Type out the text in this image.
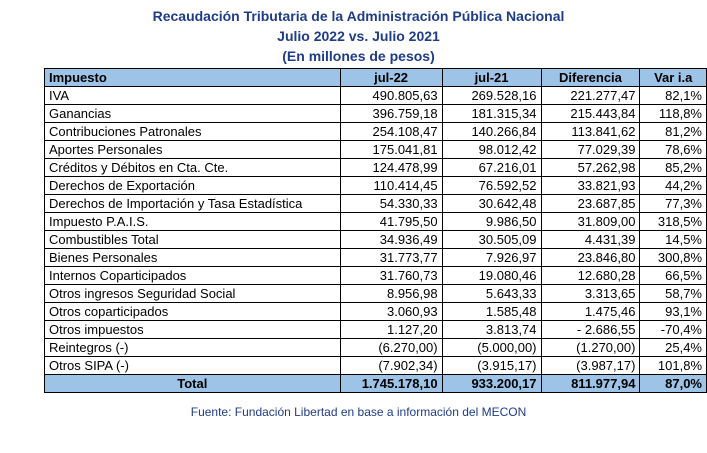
Recaudación Tributaria de la Administración Pública Nacional
Julio 2022 vs. Julio 2021
(En millones de pesos)
Impuesto	jul-22	jul-21	Diferencia	Var i.a
IVA	490.805,63	269.528,16	221.277,47	82,1%
Ganancias	396.759,18	181.315,34	215.443,84	118,8%
Contribuciones Patronales	254.108,47	140.266,84	113.841,62	81,2%
Aportes Personales	175.041,81	98.012,42	77.029,39	78,6%
Créditos y Débitos en Cta. Cte.	124.478,99	67.216,01	57.262,98	85,2%
Derechos de Exportación	110.414,45	76.592,52	33.821,93	44,2%
Derechos de Importación y Tasa Estadística	54.330,33	30.642,48	23.687,85	77,3%
Impuesto P.A.I.S.	41.795,50	9.986,50	31.809,00	318,5%
Combustibles Total	34.936,49	30.505,09	4.431,39	14,5%
Bienes Personales	31.773,77	7.926,97	23.846,80	300,8%
Internos Coparticipados	31.760,73	19.080,46	12.680,28	66,5%
Otros ingresos Seguridad Social	8.956,98	5.643,33	3.313,65	58,7%
Otros coparticipados	3.060,93	1.585,48	1.475,46	93,1%
Otros impuestos	1.127,20	3.813,74	- 2.686,55	-70,4%
Reintegros (-)	(6.270,00)	(5.000,00)	(1.270,00)	25,4%
Otros SIPA (-)	(7.902,34)	(3.915,17)	(3.987,17)	101,8%
Total	1.745.178,10	933.200,17	811.977,94	87,0%
Fuente: Fundación Libertad en base a información del MECON
